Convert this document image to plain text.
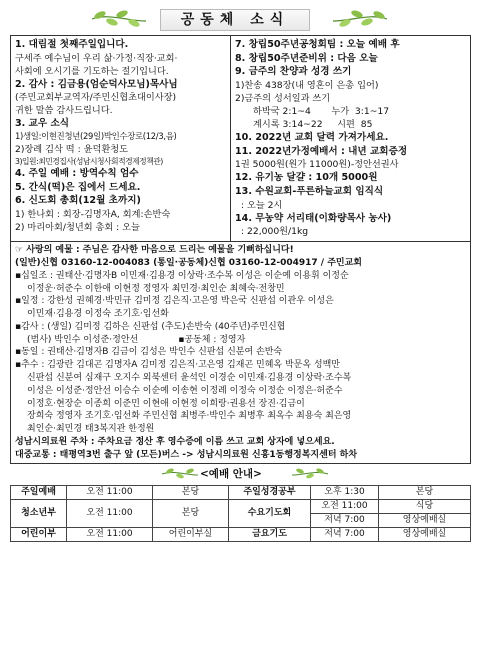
공동체 소식
1. 대림절 첫째주일입니다.
구세주 예수님이 우리 삶·가정·직장·교회·
사회에 오시기를 기도하는 절기입니다.
2. 감사 : 김금용(엄순덕사모님)목사님
(주민교회부교역자/주민신협초대이사장)
귀한 말씀 감사드립니다.
3. 교우 소식
1)생일:이현진청년(29일)박인수장로(12/3,음)
2)장례 김삭 떡 : 윤덕환청도
3)입원:최민경집사(성남시청사회적경제정책관)
4. 주일 예배 : 방역수칙 엄수
5. 간식(떡)은 집에서 드세요.
6. 신도회 총회(12월 초까지)
1) 한나회 : 회장-김명자A, 회계:손반숙
2) 마리아회/청년회 총회 : 오늘
7. 창립50주년공청회팀 : 오늘 예배 후
8. 창립50주년준비위 : 다음 오늘
9. 금주의 찬양과 성경 쓰기
1)찬송 438장(내 영혼이 은총 입어)
2)금주의 성서일과 쓰기
하박국 2:1~4       누가  3:1~17
계시록 3:14~22     시편  85
10. 2022년 교회 달력 가져가세요.
11. 2022년가정예배서 : 내년 교회증정
1권 5000원(원가 11000원)-정안선권사
12. 유기농 달걀 : 10개 5000원
13. 수원교회-푸른하늘교회 임직식
: 오늘 2시
14. 무농약 서리태(이화량목사 농사)
: 22,000원/1kg
☞ 사랑의 예물 : 주님은 감사한 마음으로 드리는 예물을 기뻐하십니다!
(일반)신협 03160-12-004083 (통일·공동체)신협 03160-12-004917 / 주민교회
▪십일조 : 권태산·김명자B 이민재·김용경 이상락·조수복 이성은 이순예 이용휘 이정순
이정운·허준수 이한애 이현정 정영자 최민경·최인순 최혜숙·전창민
▪일정 : 강한성 권혜경·박민규 김미정 김은직·고은영 박은국 신판섭 이관우 이성은
이민재·김용경 이정숙 조기호·임선화
▪감사 : (생일) 김미정 김하은 신판섭 (추도)손반숙 (40주년)주민신협
(범사) 박인수 이성준·정안선              ▪공동체 : 정영자
▪동일 : 권태산·김명자B 김금이 김성은 박인수 신판섭 신분여 손반숙
▪추수 : 김광란 김대곤 김명자A 김미정 김은직·고은영 김재곤 민혜옥 박문옥 성백만
신판섭 신분여 심재구 오지수 외북센터 윤석인 이경순 이민재·김용경 이상락·조수복
이성은 이성준·정안선 이승수 이순예 이송현 이정례 이정숙 이정순 이정은·허준수
이정호·현장순 이종희 이준민 이현애 이현정 이희랑·권용선 장진·김금이
장희숙 정영자 조기호·임선화 주민신협 최병주·박인수 최병후 최옥수 최용숙 최은영
최인순·최민경 태3복지관 한정원
성남시의료원 주차 : 주차요금 정산 후 영수증에 이름 쓰고 교회 상자에 넣으세요.
대중교통 : 태평역3번 출구 앞 (모든)버스 -> 성남시의료원 신흥1동행정복지센터 하차
<예배 안내>
주일예배	오전 11:00	본당	주일성경공부	오후 1:30	본당
청소년부	오전 11:00	본당	수요기도회	오전 11:00	식당
				저녁 7:00	영상예배실
어린이부	오전 11:00	어린이부실	금요기도	저녁 7:00	영상예배실
